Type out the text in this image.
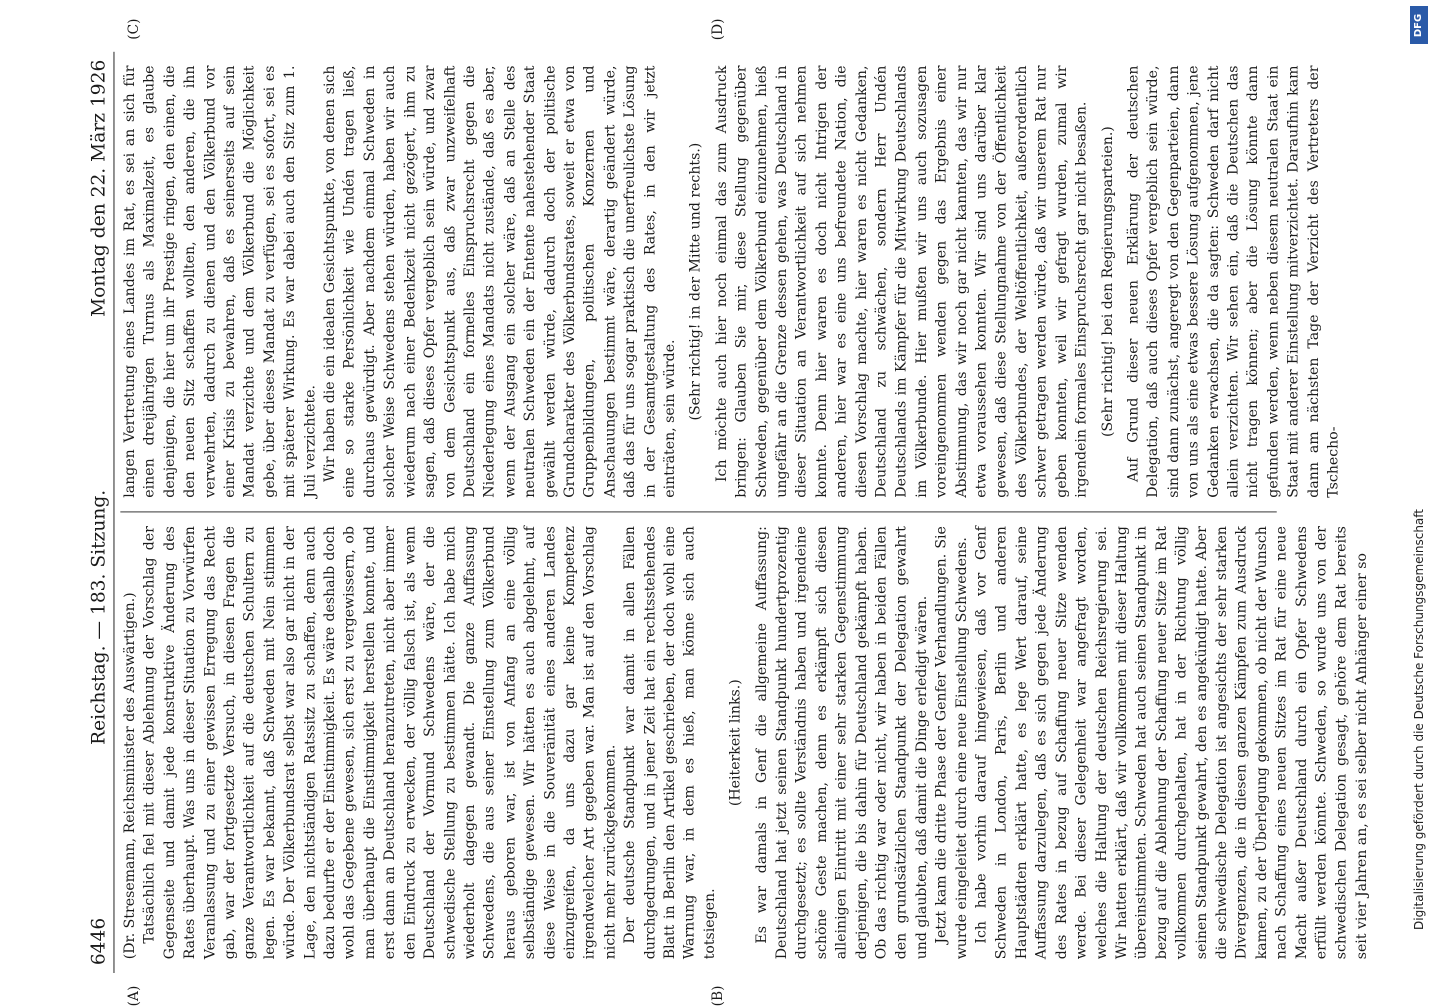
6446
Reichstag. — 183. Sitzung.
Montag den 22. März 1926
(A)	(B)

(Dr. Stresemann, Reichsminister des Auswärtigen.) Tatsächlich fiel mit dieser Ablehnung der Vorschlag der Gegenseite und damit jede konstruktive Änderung des Rates überhaupt. Was uns in dieser Situation zu Vorwürfen Veranlassung und zu einer gewissen Erregung das Recht gab, war der fortgesetzte Versuch, in diesen Fragen die ganze Verantwortlichkeit auf die deutschen Schultern zu legen. Es war bekannt, daß Schweden mit Nein stimmen würde. Der Völkerbundsrat selbst war also gar nicht in der Lage, den nichtständigen Ratssitz zu schaffen, denn auch dazu bedurfte er der Einstimmigkeit. Es wäre deshalb doch wohl das Gegebene gewesen, sich erst zu vergewissern, ob man überhaupt die Einstimmigkeit herstellen konnte, und erst dann an Deutschland heranzutreten, nicht aber immer den Eindruck zu erwecken, der völlig falsch ist, als wenn Deutschland der Vormund Schwedens wäre, der die schwedische Stellung zu bestimmen hätte. Ich habe mich wiederholt dagegen gewandt. Die ganze Auffassung Schwedens, die aus seiner Einstellung zum Völkerbund heraus geboren war, ist von Anfang an eine völlig selbständige gewesen. Wir hätten es auch abgelehnt, auf diese Weise in die Souveränität eines anderen Landes einzugreifen, da uns dazu gar keine Kompetenz irgendwelcher Art gegeben war. Man ist auf den Vorschlag nicht mehr zurückgekommen. Der deutsche Standpunkt war damit in allen Fällen durchgedrungen, und in jener Zeit hat ein rechtsstehendes Blatt in Berlin den Artikel geschrieben, der doch wohl eine Warnung war, in dem es hieß, man könne sich auch totsiegen.

(Heiterkeit links.) Es war damals in Genf die allgemeine Auffassung: Deutschland hat jetzt seinen Standpunkt hundertprozentig durchgesetzt; es sollte Verständnis haben und irgendeine schöne Geste machen, denn es erkämpft sich diesen alleinigen Eintritt mit einer sehr starken Gegenstimmung derjenigen, die bis dahin für Deutschland gekämpft haben. Ob das richtig war oder nicht, wir haben in beiden Fällen den grundsätzlichen Standpunkt der Delegation gewahrt und glaubten, daß damit die Dinge erledigt wären. Jetzt kam die dritte Phase der Genfer Verhandlungen. Sie wurde eingeleitet durch eine neue Einstellung Schwedens. Ich habe vorhin darauf hingewiesen, daß vor Genf Schweden in London, Paris, Berlin und anderen Hauptstädten erklärt hatte, es lege Wert darauf, seine Auffassung darzulegen, daß es sich gegen jede Änderung des Rates in bezug auf Schaffung neuer Sitze wenden werde. Bei dieser Gelegenheit war angefragt worden, welches die Haltung der deutschen Reichsregierung sei. Wir hatten erklärt, daß wir vollkommen mit dieser Haltung übereinstimmten. Schweden hat auch seinen Standpunkt in bezug auf die Ablehnung der Schaffung neuer Sitze im Rat vollkommen durchgehalten, hat in der Richtung völlig seinen Standpunkt gewahrt, den es angekündigt hatte. Aber die schwedische Delegation ist angesichts der sehr starken Divergenzen, die in diesen ganzen Kämpfen zum Ausdruck kamen, zu der Überlegung gekommen, ob nicht der Wunsch nach Schaffung eines neuen Sitzes im Rat für eine neue Macht außer Deutschland durch ein Opfer Schwedens erfüllt werden könnte. Schweden, so wurde uns von der schwedischen Delegation gesagt, gehöre dem Rat bereits seit vier Jahren an, es sei selber nicht Anhänger einer so

(C)	(D)

langen Vertretung eines Landes im Rat, es sei an sich für einen dreijährigen Turnus als Maximalzeit, es glaube denjenigen, die hier um ihr Prestige ringen, den einen, die den neuen Sitz schaffen wollten, den anderen, die ihn verwehrten, dadurch zu dienen und den Völkerbund vor einer Krisis zu bewahren, daß es seinerseits auf sein Mandat verzichte und dem Völkerbund die Möglichkeit gebe, über dieses Mandat zu verfügen, sei es sofort, sei es mit späterer Wirkung. Es war dabei auch den Sitz zum 1. Juli verzichtete. Wir haben die ein idealen Gesichtspunkte, von denen sich eine so starke Persönlichkeit wie Undén tragen ließ, durchaus gewürdigt. Aber nachdem einmal Schweden in solcher Weise Schwedens stehen würden, haben wir auch wiederum nach einer Bedenkzeit nicht gezögert, ihm zu sagen, daß dieses Opfer vergeblich sein würde, und zwar von dem Gesichtspunkt aus, daß zwar unzweifelhaft Deutschland ein formelles Einspruchsrecht gegen die Niederlegung eines Mandats nicht zustände, daß es aber, wenn der Ausgang ein solcher wäre, daß an Stelle des neutralen Schweden ein der Entente nahestehender Staat gewählt werden würde, dadurch doch der politische Grundcharakter des Völkerbundsrates, soweit er etwa von Gruppenbildungen, politischen Konzernen und Anschauungen bestimmt wäre, derartig geändert würde, daß das für uns sogar praktisch die unerfreulichste Lösung in der Gesamtgestaltung des Rates, in den wir jetzt einträten, sein würde. (Sehr richtig! in der Mitte und rechts.) Ich möchte auch hier noch einmal das zum Ausdruck bringen: Glauben Sie mir, diese Stellung gegenüber Schweden, gegenüber dem Völkerbund einzunehmen, hieß ungefähr an die Grenze dessen gehen, was Deutschland in dieser Situation an Verantwortlichkeit auf sich nehmen konnte. Denn hier waren es doch nicht Intrigen der anderen, hier war es eine uns befreundete Nation, die diesen Vorschlag machte, hier waren es nicht Gedanken, Deutschland zu schwächen, sondern Herr Undén Deutschlands im Kämpfer für die Mitwirkung Deutschlands im Völkerbunde. Hier mußten wir uns auch sozusagen voreingenommen wenden gegen das Ergebnis einer Abstimmung, das wir noch gar nicht kannten, das wir nur etwa voraussehen konnten. Wir sind uns darüber klar gewesen, daß diese Stellungnahme von der Öffentlichkeit des Völkerbundes, der Weltöffentlichkeit, außerordentlich schwer getragen werden würde, daß wir unserem Rat nur geben konnten, weil wir gefragt wurden, zumal wir irgendein formales Einspruchsrecht gar nicht besaßen. (Sehr richtig! bei den Regierungsparteien.) Auf Grund dieser neuen Erklärung der deutschen Delegation, daß auch dieses Opfer vergeblich sein würde, sind dann zunächst, angeregt von den Gegenparteien, dann von uns als eine etwas bessere Lösung aufgenommen, jene Gedanken erwachsen, die da sagten: Schweden darf nicht allein verzichten. Wir sehen ein, daß die Deutschen das nicht tragen können; aber die Lösung könnte dann gefunden werden, wenn neben diesem neutralen Staat ein Staat mit anderer Einstellung mitverzichtet. Daraufhin kam dann am nächsten Tage der Verzicht des Vertreters der Tschecho-

DFG
Digitalisierung gefördert durch die Deutsche Forschungsgemeinschaft
